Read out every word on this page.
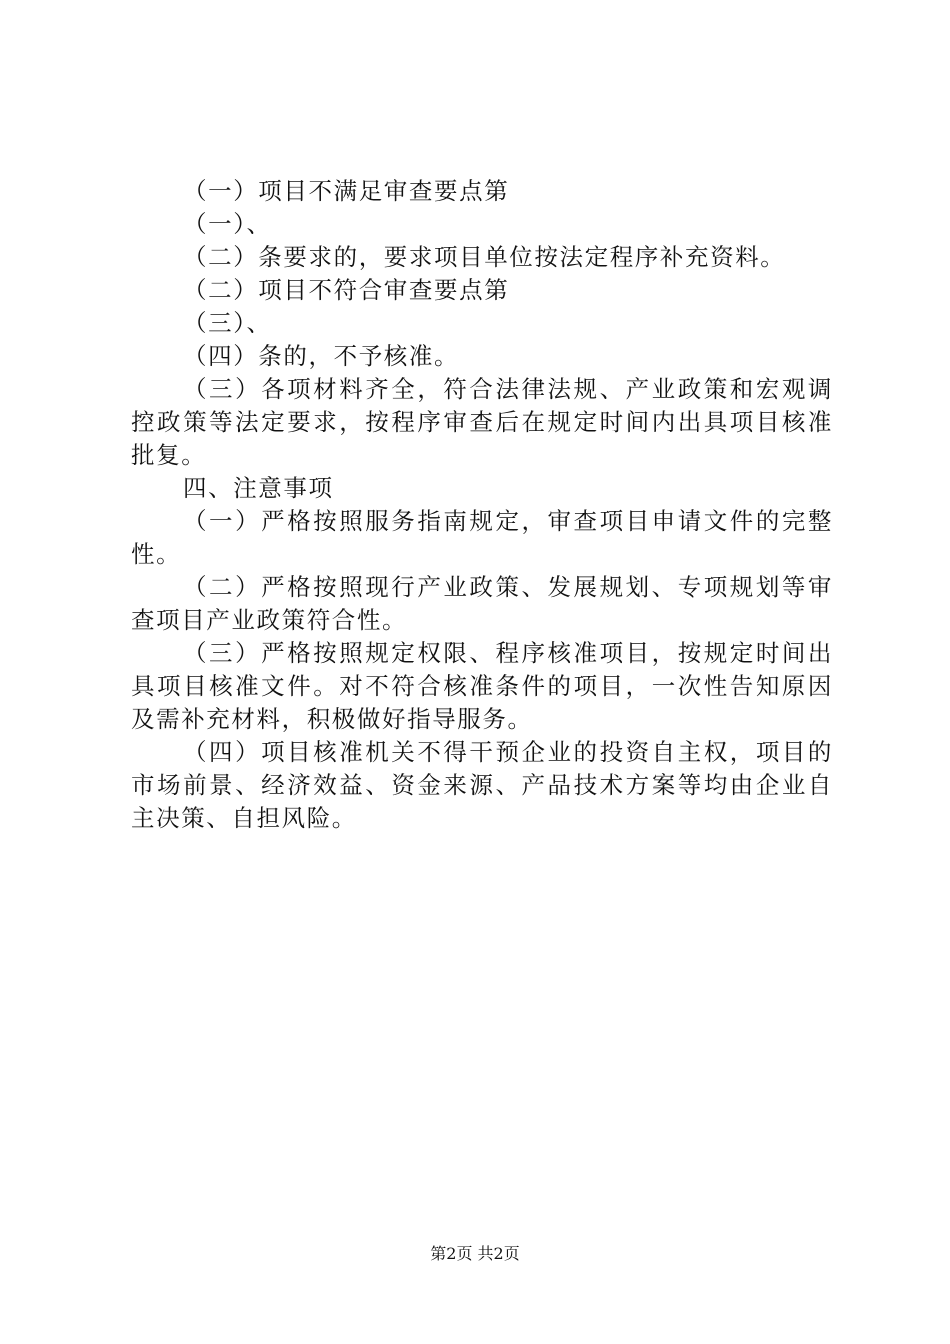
（一）项目不满足审查要点第

（一）、

（二）条要求的，要求项目单位按法定程序补充资料。

（二）项目不符合审查要点第

（三）、

（四）条的，不予核准。

（三）各项材料齐全，符合法律法规、产业政策和宏观调控政策等法定要求，按程序审查后在规定时间内出具项目核准批复。

四、注意事项

（一）严格按照服务指南规定，审查项目申请文件的完整性。

（二）严格按照现行产业政策、发展规划、专项规划等审查项目产业政策符合性。

（三）严格按照规定权限、程序核准项目，按规定时间出具项目核准文件。对不符合核准条件的项目，一次性告知原因及需补充材料，积极做好指导服务。

（四）项目核准机关不得干预企业的投资自主权，项目的市场前景、经济效益、资金来源、产品技术方案等均由企业自主决策、自担风险。

第2页 共2页
